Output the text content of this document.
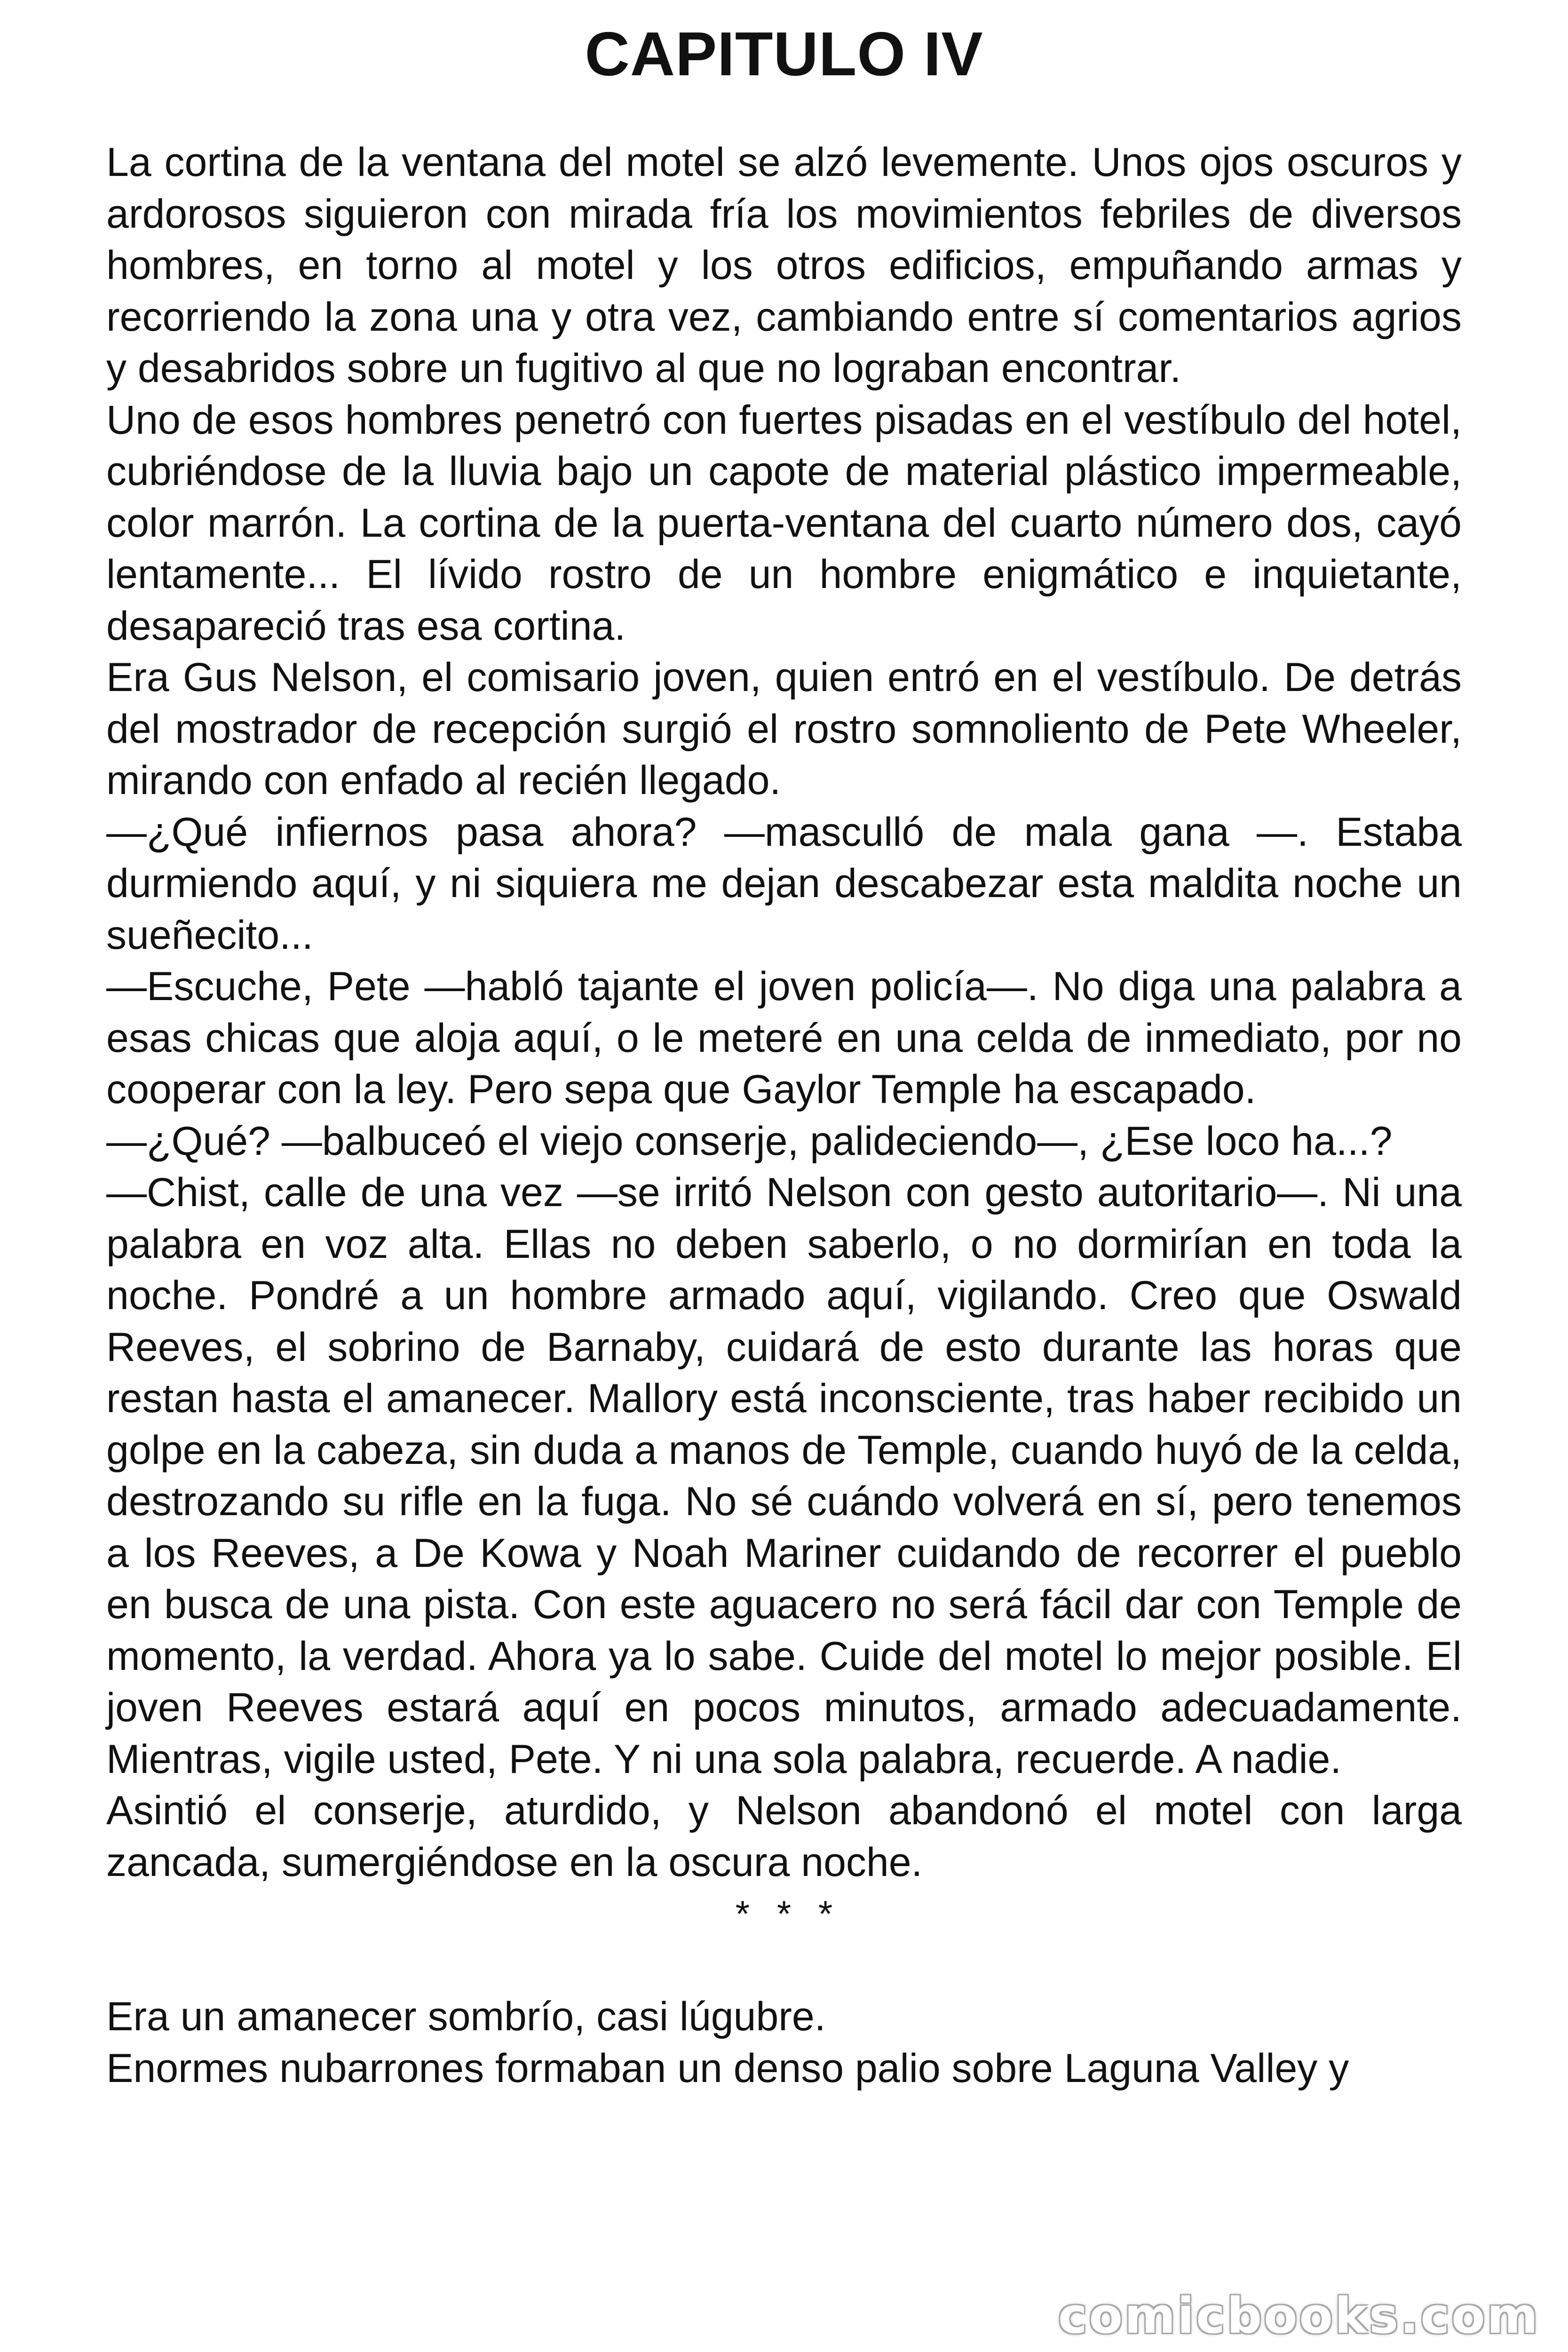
CAPITULO IV

La cortina de la ventana del motel se alzó levemente. Unos ojos oscuros y ardorosos siguieron con mirada fría los movimientos febriles de diversos hombres, en torno al motel y los otros edificios, empuñando armas y recorriendo la zona una y otra vez, cambiando entre sí comentarios agrios y desabridos sobre un fugitivo al que no lograban encontrar.

Uno de esos hombres penetró con fuertes pisadas en el vestíbulo del hotel, cubriéndose de la lluvia bajo un capote de material plástico impermeable, color marrón. La cortina de la puerta-ventana del cuarto número dos, cayó lentamente... El lívido rostro de un hombre enigmático e inquietante, desapareció tras esa cortina.

Era Gus Nelson, el comisario joven, quien entró en el vestíbulo. De detrás del mostrador de recepción surgió el rostro somnoliento de Pete Wheeler, mirando con enfado al recién llegado.

—¿Qué infiernos pasa ahora? —masculló de mala gana —. Estaba durmiendo aquí, y ni siquiera me dejan descabezar esta maldita noche un sueñecito...

—Escuche, Pete —habló tajante el joven policía—. No diga una palabra a esas chicas que aloja aquí, o le meteré en una celda de inmediato, por no cooperar con la ley. Pero sepa que Gaylor Temple ha escapado.

—¿Qué? —balbuceó el viejo conserje, palideciendo—, ¿Ese loco ha...?

—Chist, calle de una vez —se irritó Nelson con gesto autoritario—. Ni una palabra en voz alta. Ellas no deben saberlo, o no dormirían en toda la noche. Pondré a un hombre armado aquí, vigilando. Creo que Oswald Reeves, el sobrino de Barnaby, cuidará de esto durante las horas que restan hasta el amanecer. Mallory está inconsciente, tras haber recibido un golpe en la cabeza, sin duda a manos de Temple, cuando huyó de la celda, destrozando su rifle en la fuga. No sé cuándo volverá en sí, pero tenemos a los Reeves, a De Kowa y Noah Mariner cuidando de recorrer el pueblo en busca de una pista. Con este aguacero no será fácil dar con Temple de momento, la verdad. Ahora ya lo sabe. Cuide del motel lo mejor posible. El joven Reeves estará aquí en pocos minutos, armado adecuadamente. Mientras, vigile usted, Pete. Y ni una sola palabra, recuerde. A nadie.

Asintió el conserje, aturdido, y Nelson abandonó el motel con larga zancada, sumergiéndose en la oscura noche.

* * *

Era un amanecer sombrío, casi lúgubre.

Enormes nubarrones formaban un denso palio sobre Laguna Valley y

comicbooks.com
